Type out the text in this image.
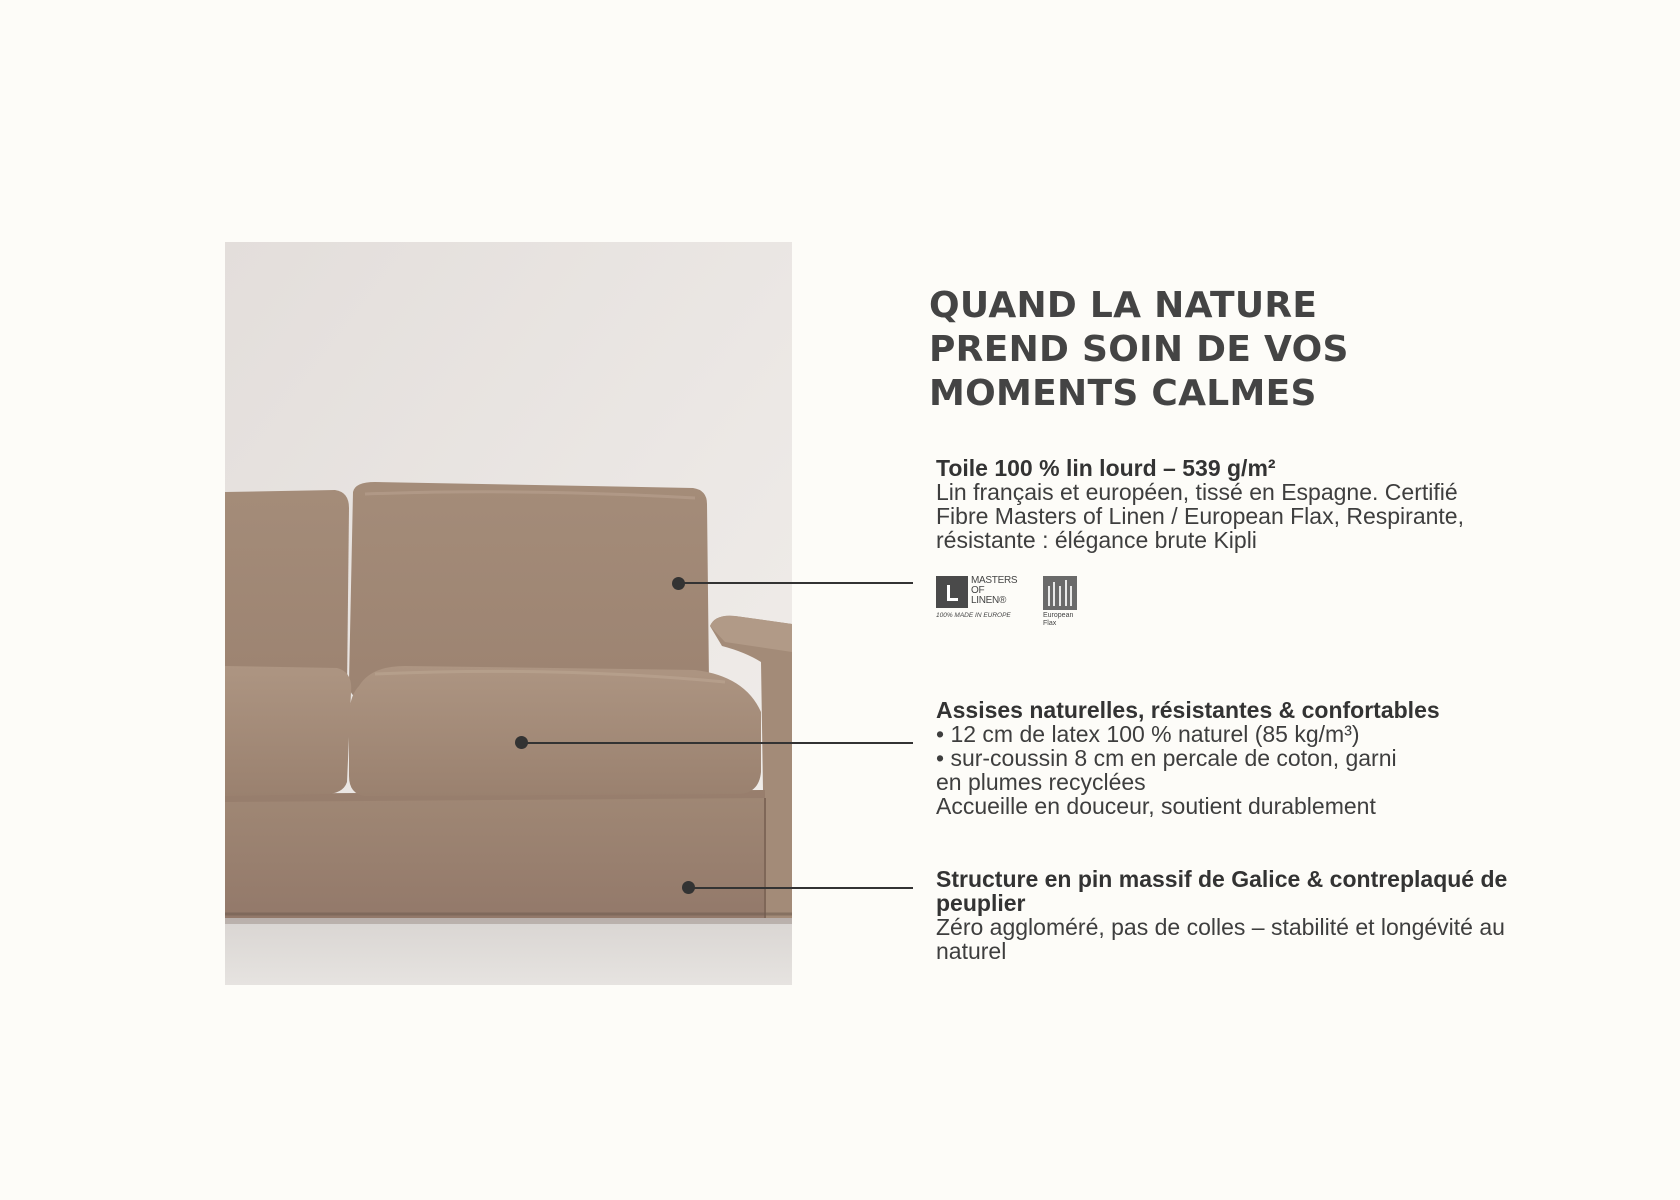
QUAND LA NATURE
PREND SOIN DE VOS
MOMENTS CALMES
Toile 100 % lin lourd – 539 g/m²
Lin français et européen, tissé en Espagne. Certifié Fibre Masters of Linen / European Flax, Respirante, résistante : élégance brute Kipli
MASTERS
OF
LINEN®
100% MADE IN EUROPE	European
Flax
Assises naturelles, résistantes & confortables
• 12 cm de latex 100 % naturel (85 kg/m³)
• sur-coussin 8 cm en percale de coton, garni
en plumes recyclées
Accueille en douceur, soutient durablement
Structure en pin massif de Galice & contreplaqué de peuplier
Zéro aggloméré, pas de colles – stabilité et longévité au naturel
